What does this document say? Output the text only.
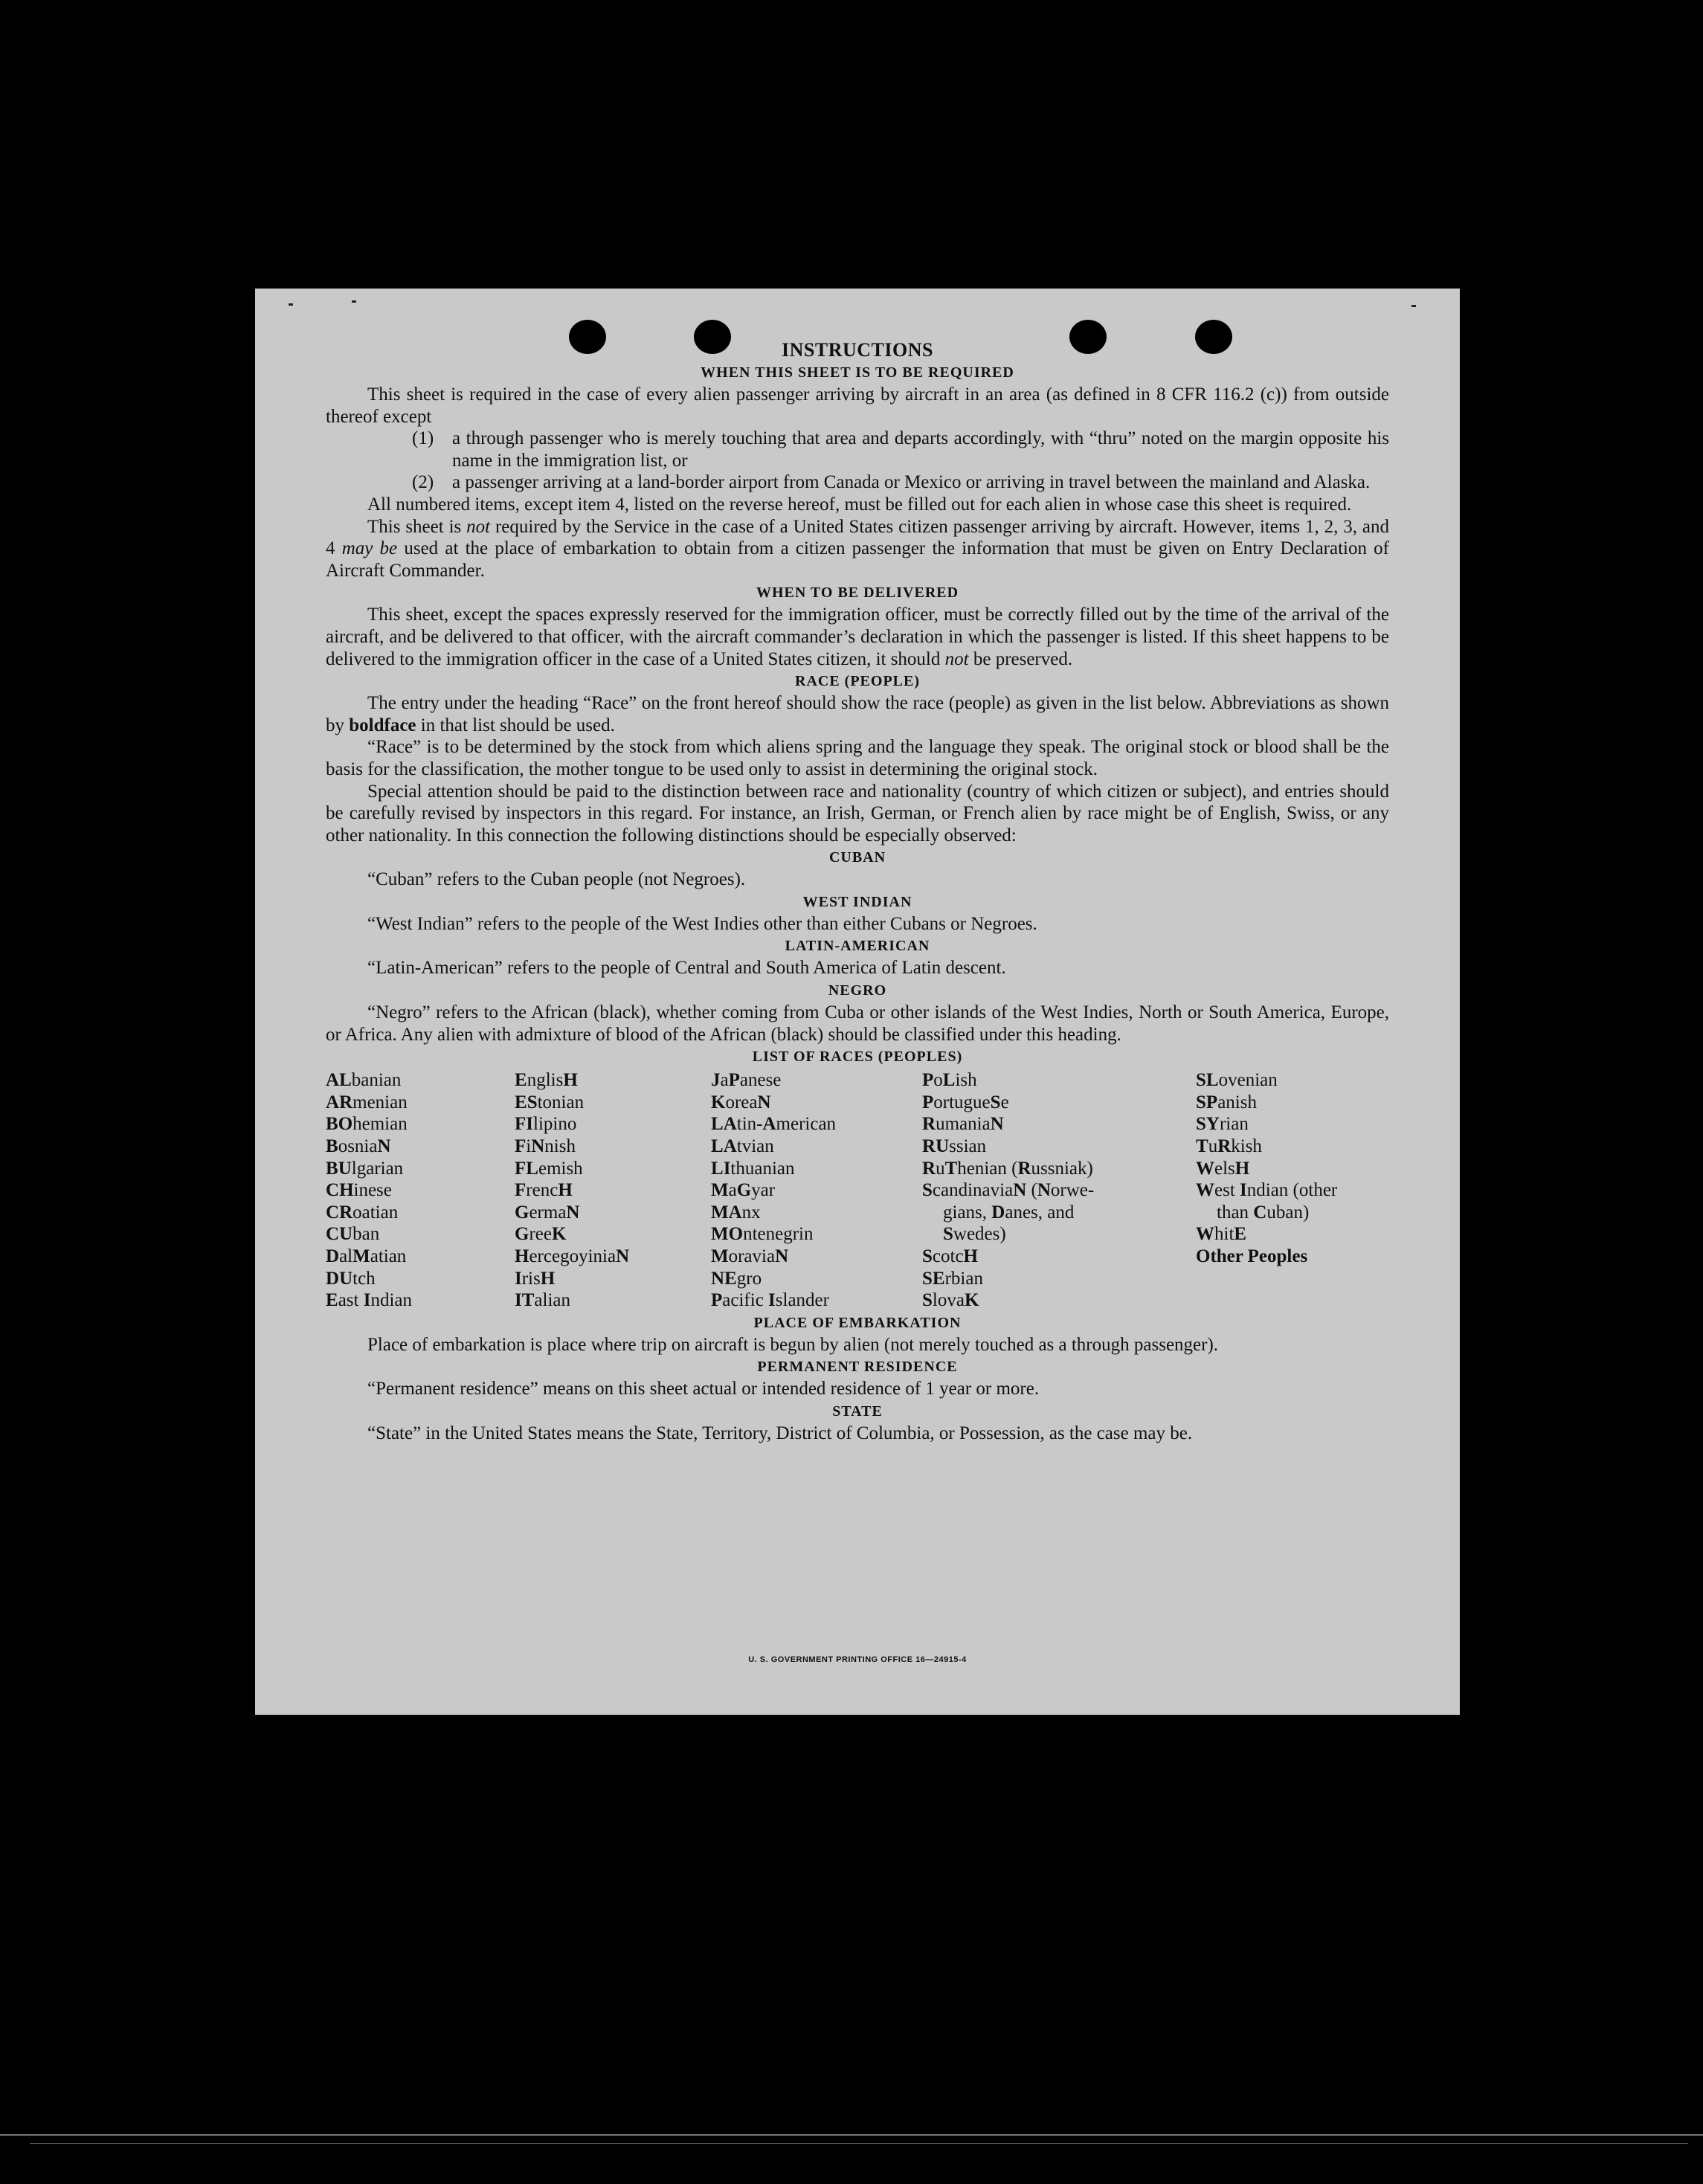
INSTRUCTIONS
WHEN THIS SHEET IS TO BE REQUIRED

This sheet is required in the case of every alien passenger arriving by aircraft in an area (as defined in 8 CFR 116.2 (c)) from outside thereof except

(1) a through passenger who is merely touching that area and departs accordingly, with “thru” noted on the margin opposite his name in the immigration list, or
(2) a passenger arriving at a land-border airport from Canada or Mexico or arriving in travel between the mainland and Alaska.

All numbered items, except item 4, listed on the reverse hereof, must be filled out for each alien in whose case this sheet is required.

This sheet is not required by the Service in the case of a United States citizen passenger arriving by aircraft. However, items 1, 2, 3, and 4 may be used at the place of embarkation to obtain from a citizen passenger the information that must be given on Entry Declaration of Aircraft Commander.

WHEN TO BE DELIVERED

This sheet, except the spaces expressly reserved for the immigration officer, must be correctly filled out by the time of the arrival of the aircraft, and be delivered to that officer, with the aircraft commander’s declaration in which the passenger is listed. If this sheet happens to be delivered to the immigration officer in the case of a United States citizen, it should not be preserved.

RACE (PEOPLE)

The entry under the heading “Race” on the front hereof should show the race (people) as given in the list below. Abbreviations as shown by boldface in that list should be used.

“Race” is to be determined by the stock from which aliens spring and the language they speak. The original stock or blood shall be the basis for the classification, the mother tongue to be used only to assist in determining the original stock.

Special attention should be paid to the distinction between race and nationality (country of which citizen or subject), and entries should be carefully revised by inspectors in this regard. For instance, an Irish, German, or French alien by race might be of English, Swiss, or any other nationality. In this connection the following distinctions should be especially observed:

CUBAN

“Cuban” refers to the Cuban people (not Negroes).

WEST INDIAN

“West Indian” refers to the people of the West Indies other than either Cubans or Negroes.

LATIN-AMERICAN

“Latin-American” refers to the people of Central and South America of Latin descent.

NEGRO

“Negro” refers to the African (black), whether coming from Cuba or other islands of the West Indies, North or South America, Europe, or Africa. Any alien with admixture of blood of the African (black) should be classified under this heading.

LIST OF RACES (PEOPLES)
ALbanian
ARmenian
BOhemian
BosniaN
BUlgarian
CHinese
CRoatian
CUban
DalMatian
DUtch
East Indian
EnglisH
EStonian
FIlipino
FiNnish
FLemish
FrencH
GermaN
GreeK
HercegoyiniaN
IrisH
ITalian
JaPanese
KoreaN
LAtin-American
LAtvian
LIthuanian
MaGyar
MAnx
MOntenegrin
MoraviaN
NEgro
Pacific Islander
PoLish
PortugueSe
RumaniaN
RUssian
RuThenian (Russniak)
ScandinaviaN (Norwe-
gians, Danes, and
Swedes)
ScotcH
SErbian
SlovaK
SLovenian
SPanish
SYrian
TuRkish
WelsH
West Indian (other
than Cuban)
WhitE
Other Peoples
PLACE OF EMBARKATION

Place of embarkation is place where trip on aircraft is begun by alien (not merely touched as a through passenger).

PERMANENT RESIDENCE

“Permanent residence” means on this sheet actual or intended residence of 1 year or more.

STATE

“State” in the United States means the State, Territory, District of Columbia, or Possession, as the case may be.

U. S. GOVERNMENT PRINTING OFFICE 16—24915-4
